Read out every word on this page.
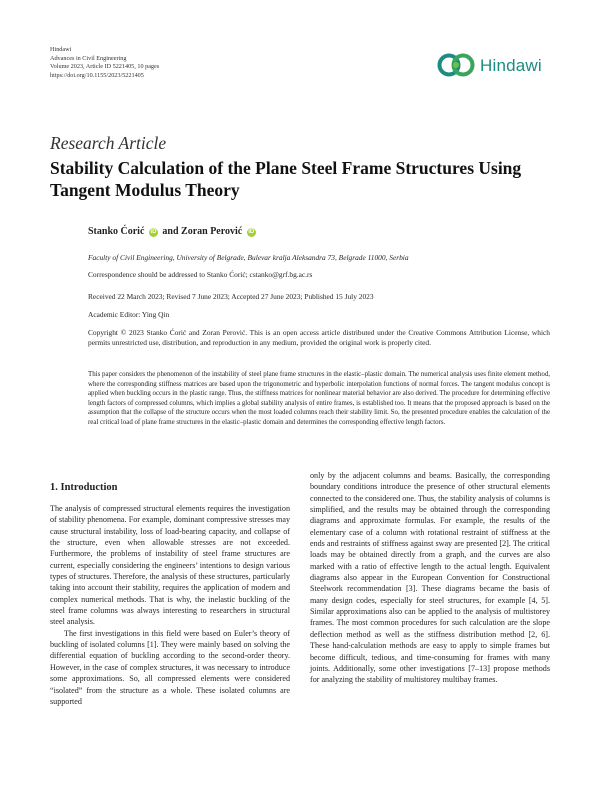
Hindawi
Advances in Civil Engineering
Volume 2023, Article ID 5221405, 10 pages
https://doi.org/10.1155/2023/5221405
Hindawi
Research Article
Stability Calculation of the Plane Steel Frame Structures Using Tangent Modulus Theory
Stanko Ćorić iD and Zoran Perović iD
Faculty of Civil Engineering, University of Belgrade, Bulevar kralja Aleksandra 73, Belgrade 11000, Serbia
Correspondence should be addressed to Stanko Ćorić; cstanko@grf.bg.ac.rs
Received 22 March 2023; Revised 7 June 2023; Accepted 27 June 2023; Published 15 July 2023
Academic Editor: Ying Qin
Copyright © 2023 Stanko Ćorić and Zoran Perović. This is an open access article distributed under the Creative Commons Attribution License, which permits unrestricted use, distribution, and reproduction in any medium, provided the original work is properly cited.
This paper considers the phenomenon of the instability of steel plane frame structures in the elastic–plastic domain. The numerical analysis uses finite element method, where the corresponding stiffness matrices are based upon the trigonometric and hyperbolic interpolation functions of normal forces. The tangent modulus concept is applied when buckling occurs in the plastic range. Thus, the stiffness matrices for nonlinear material behavior are also derived. The procedure for determining effective length factors of compressed columns, which implies a global stability analysis of entire frames, is established too. It means that the proposed approach is based on the assumption that the collapse of the structure occurs when the most loaded columns reach their stability limit. So, the presented procedure enables the calculation of the real critical load of plane frame structures in the elastic–plastic domain and determines the corresponding effective length factors.
1. Introduction

The analysis of compressed structural elements requires the investigation of stability phenomena. For example, dominant compressive stresses may cause structural instability, loss of load-bearing capacity, and collapse of the structure, even when allowable stresses are not exceeded. Furthermore, the problems of instability of steel frame structures are current, especially considering the engineers’ intentions to design various types of structures. Therefore, the analysis of these structures, particularly taking into account their stability, requires the application of modern and complex numerical methods. That is why, the inelastic buckling of the steel frame columns was always interesting to researchers in structural steel analysis.

The first investigations in this field were based on Euler’s theory of buckling of isolated columns [1]. They were mainly based on solving the differential equation of buckling according to the second-order theory. However, in the case of complex structures, it was necessary to introduce some approximations. So, all compressed elements were considered “isolated” from the structure as a whole. These isolated columns are supported

only by the adjacent columns and beams. Basically, the corresponding boundary conditions introduce the presence of other structural elements connected to the considered one. Thus, the stability analysis of columns is simplified, and the results may be obtained through the corresponding diagrams and approximate formulas. For example, the results of the elementary case of a column with rotational restraint of stiffness at the ends and restraints of stiffness against sway are presented [2]. The critical loads may be obtained directly from a graph, and the curves are also marked with a ratio of effective length to the actual length. Equivalent diagrams also appear in the European Convention for Constructional Steelwork recommendation [3]. These diagrams became the basis of many design codes, especially for steel structures, for example [4, 5]. Similar approximations also can be applied to the analysis of multistorey frames. The most common procedures for such calculation are the slope deflection method as well as the stiffness distribution method [2, 6]. These hand-calculation methods are easy to apply to simple frames but become difficult, tedious, and time-consuming for frames with many joints. Additionally, some other investigations [7–13] propose methods for analyzing the stability of multistorey multibay frames.
